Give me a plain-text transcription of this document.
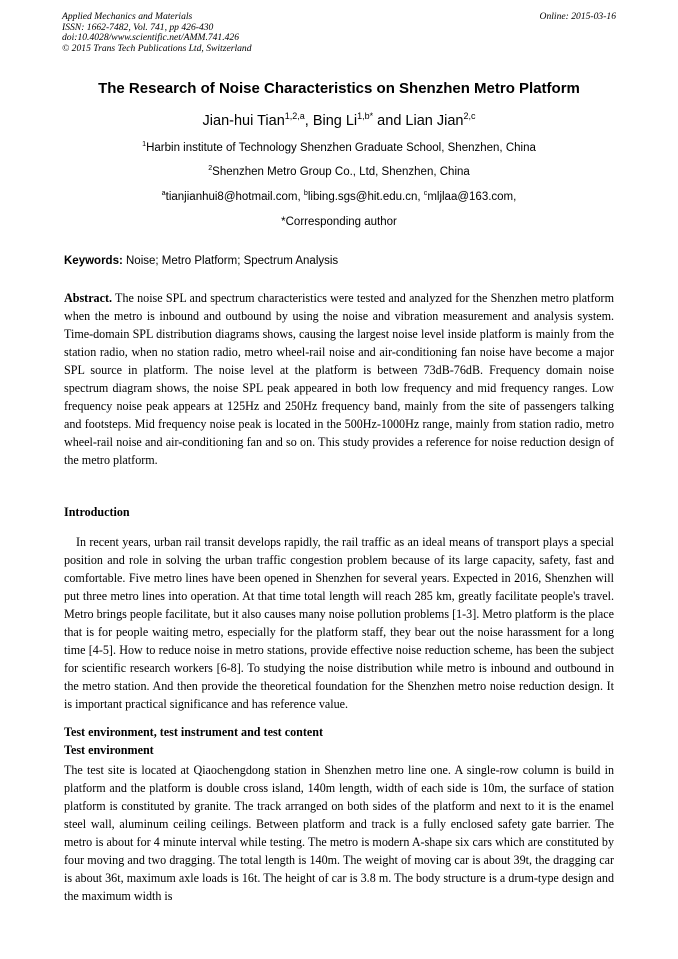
Applied Mechanics and Materials
ISSN: 1662-7482, Vol. 741, pp 426-430
doi:10.4028/www.scientific.net/AMM.741.426
© 2015 Trans Tech Publications Ltd, Switzerland
Online: 2015-03-16
The Research of Noise Characteristics on Shenzhen Metro Platform
Jian-hui Tian$^{1,2,a}$, Bing $Li^{1,b*}$ and Lian Jian$^{2,c}$
$^1$Harbin institute of Technology Shenzhen Graduate School, Shenzhen, China
$^2$Shenzhen Metro Group Co., Ltd, Shenzhen, China
$^a$tianjianhui8@hotmail.com, $^b$libing.sgs@hit.edu.cn, $^c$mljlaa@163.com,
*Corresponding author
Keywords: Noise; Metro Platform; Spectrum Analysis
Abstract. The noise SPL and spectrum characteristics were tested and analyzed for the Shenzhen metro platform when the metro is inbound and outbound by using the noise and vibration measurement and analysis system. Time-domain SPL distribution diagrams shows, causing the largest noise level inside platform is mainly from the station radio, when no station radio, metro wheel-rail noise and air-conditioning fan noise have become a major SPL source in platform. The noise level at the platform is between 73dB-76dB. Frequency domain noise spectrum diagram shows, the noise SPL peak appeared in both low frequency and mid frequency ranges. Low frequency noise peak appears at 125Hz and 250Hz frequency band, mainly from the site of passengers talking and footsteps. Mid frequency noise peak is located in the 500Hz-1000Hz range, mainly from station radio, metro wheel-rail noise and air-conditioning fan and so on. This study provides a reference for noise reduction design of the metro platform.
Introduction
In recent years, urban rail transit develops rapidly, the rail traffic as an ideal means of transport plays a special position and role in solving the urban traffic congestion problem because of its large capacity, safety, fast and comfortable. Five metro lines have been opened in Shenzhen for several years. Expected in 2016, Shenzhen will put three metro lines into operation. At that time total length will reach 285 km, greatly facilitate people's travel. Metro brings people facilitate, but it also causes many noise pollution problems [1-3]. Metro platform is the place that is for people waiting metro, especially for the platform staff, they bear out the noise harassment for a long time [4-5]. How to reduce noise in metro stations, provide effective noise reduction scheme, has been the subject for scientific research workers [6-8]. To studying the noise distribution while metro is inbound and outbound in the metro station. And then provide the theoretical foundation for the Shenzhen metro noise reduction design. It is important practical significance and has reference value.
Test environment, test instrument and test content
Test environment
The test site is located at Qiaochengdong station in Shenzhen metro line one. A single-row column is build in platform and the platform is double cross island, 140m length, width of each side is 10m, the surface of station platform is constituted by granite. The track arranged on both sides of the platform and next to it is the enamel steel wall, aluminum ceiling ceilings. Between platform and track is a fully enclosed safety gate barrier. The metro is about for 4 minute interval while testing. The metro is modern A-shape six cars which are constituted by four moving and two dragging. The total length is 140m. The weight of moving car is about 39t, the dragging car is about 36t, maximum axle loads is 16t. The height of car is 3.8 m. The body structure is a drum-type design and the maximum width is
